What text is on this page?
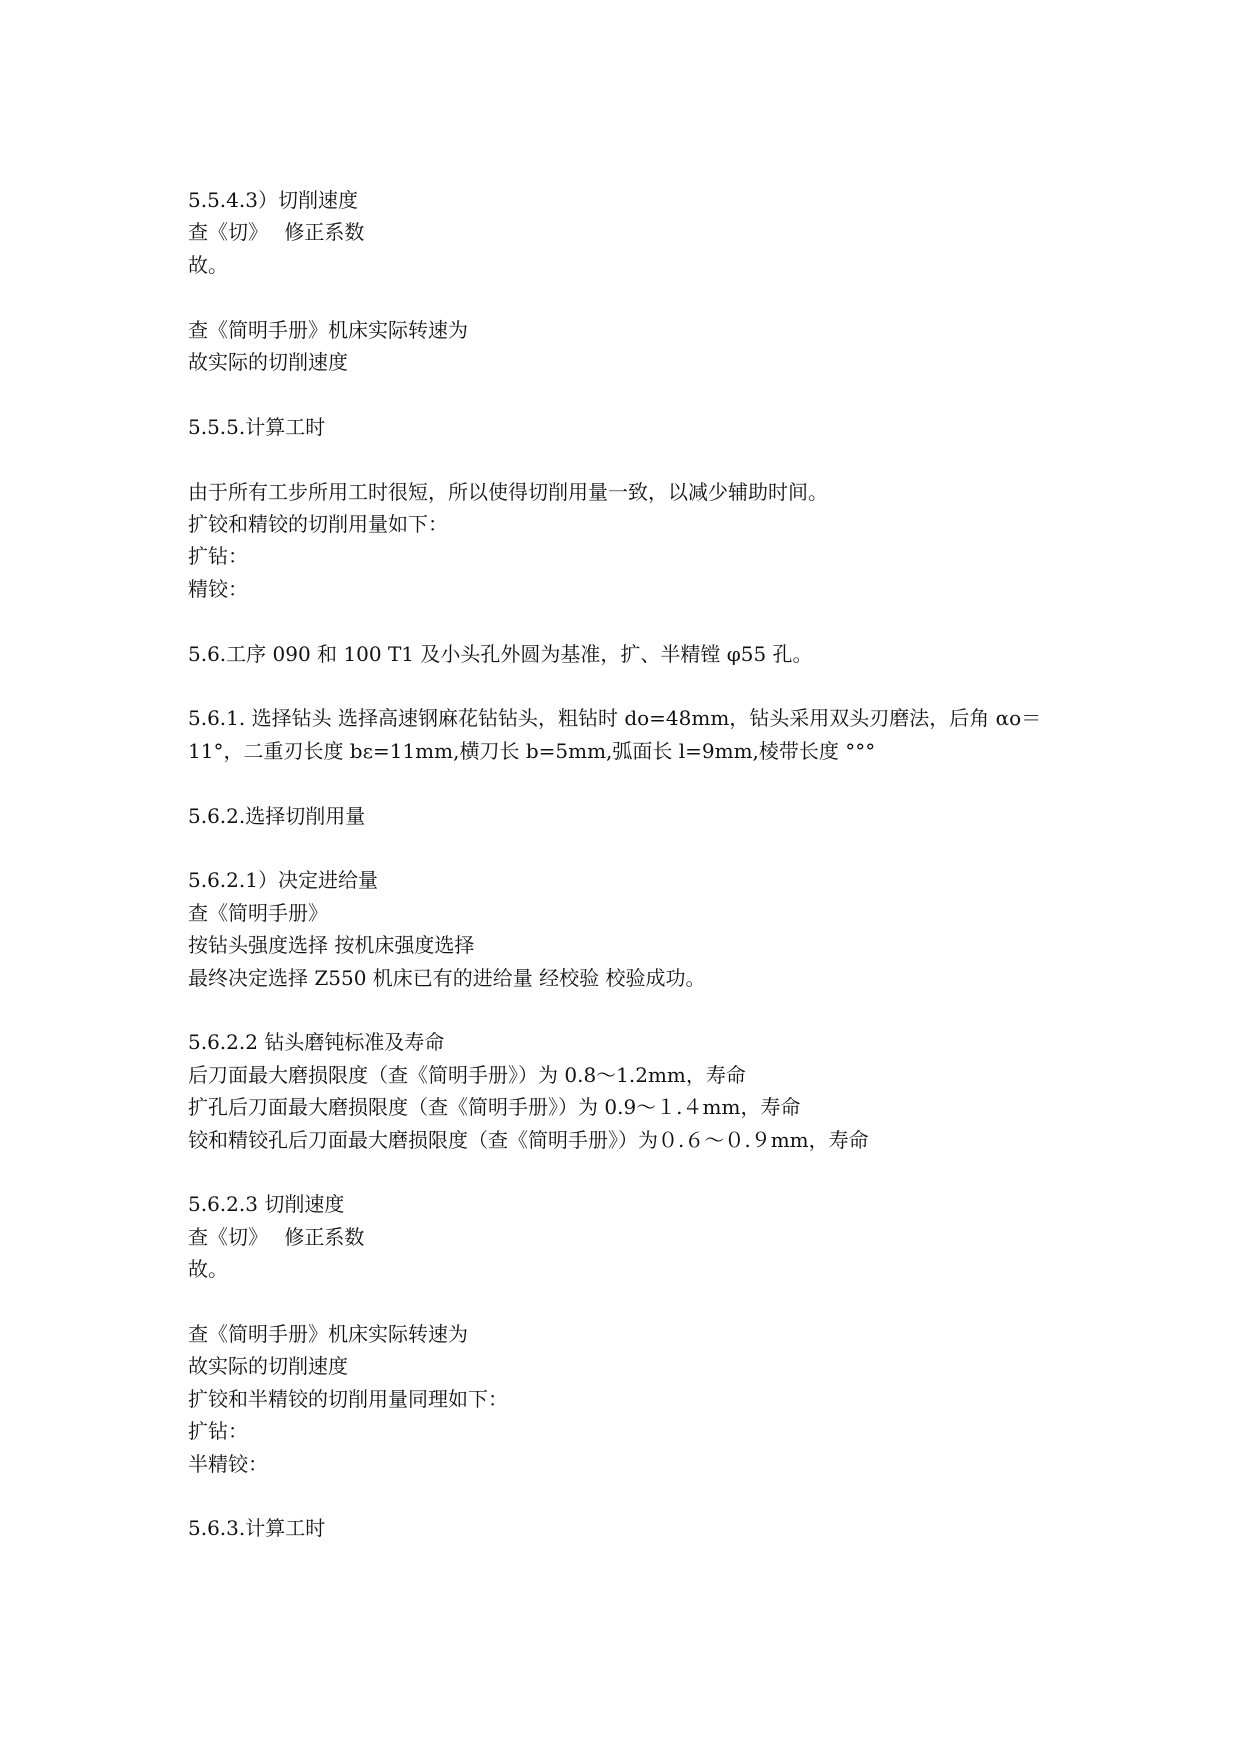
5.5.4.3）切削速度
查《切》　 修正系数
故。
查《简明手册》机床实际转速为
故实际的切削速度
5.5.5.计算工时
由于所有工步所用工时很短，所以使得切削用量一致，以减少辅助时间。
扩铰和精铰的切削用量如下：
扩钻：
精铰：
5.6.工序 090 和 100 T1 及小头孔外圆为基准，扩、半精镗 φ55 孔。
5.6.1. 选择钻头 选择高速钢麻花钻钻头，粗钻时 do=48mm，钻头采用双头刃磨法，后角 αo＝
11°，二重刃长度 bε=11mm,横刀长 b=5mm,弧面长 l=9mm,棱带长度 °°°
5.6.2.选择切削用量
5.6.2.1）决定进给量
查《简明手册》
按钻头强度选择 按机床强度选择
最终决定选择 Z550 机床已有的进给量 经校验 校验成功。
5.6.2.2 钻头磨钝标准及寿命
后刀面最大磨损限度（查《简明手册》）为 0.8～1.2mm，寿命
扩孔后刀面最大磨损限度（查《简明手册》）为 0.9～１.４mm，寿命
铰和精铰孔后刀面最大磨损限度（查《简明手册》）为０.６～０.９mm，寿命
5.6.2.3 切削速度
查《切》　 修正系数
故。
查《简明手册》机床实际转速为
故实际的切削速度
扩铰和半精铰的切削用量同理如下：
扩钻：
半精铰：
5.6.3.计算工时
